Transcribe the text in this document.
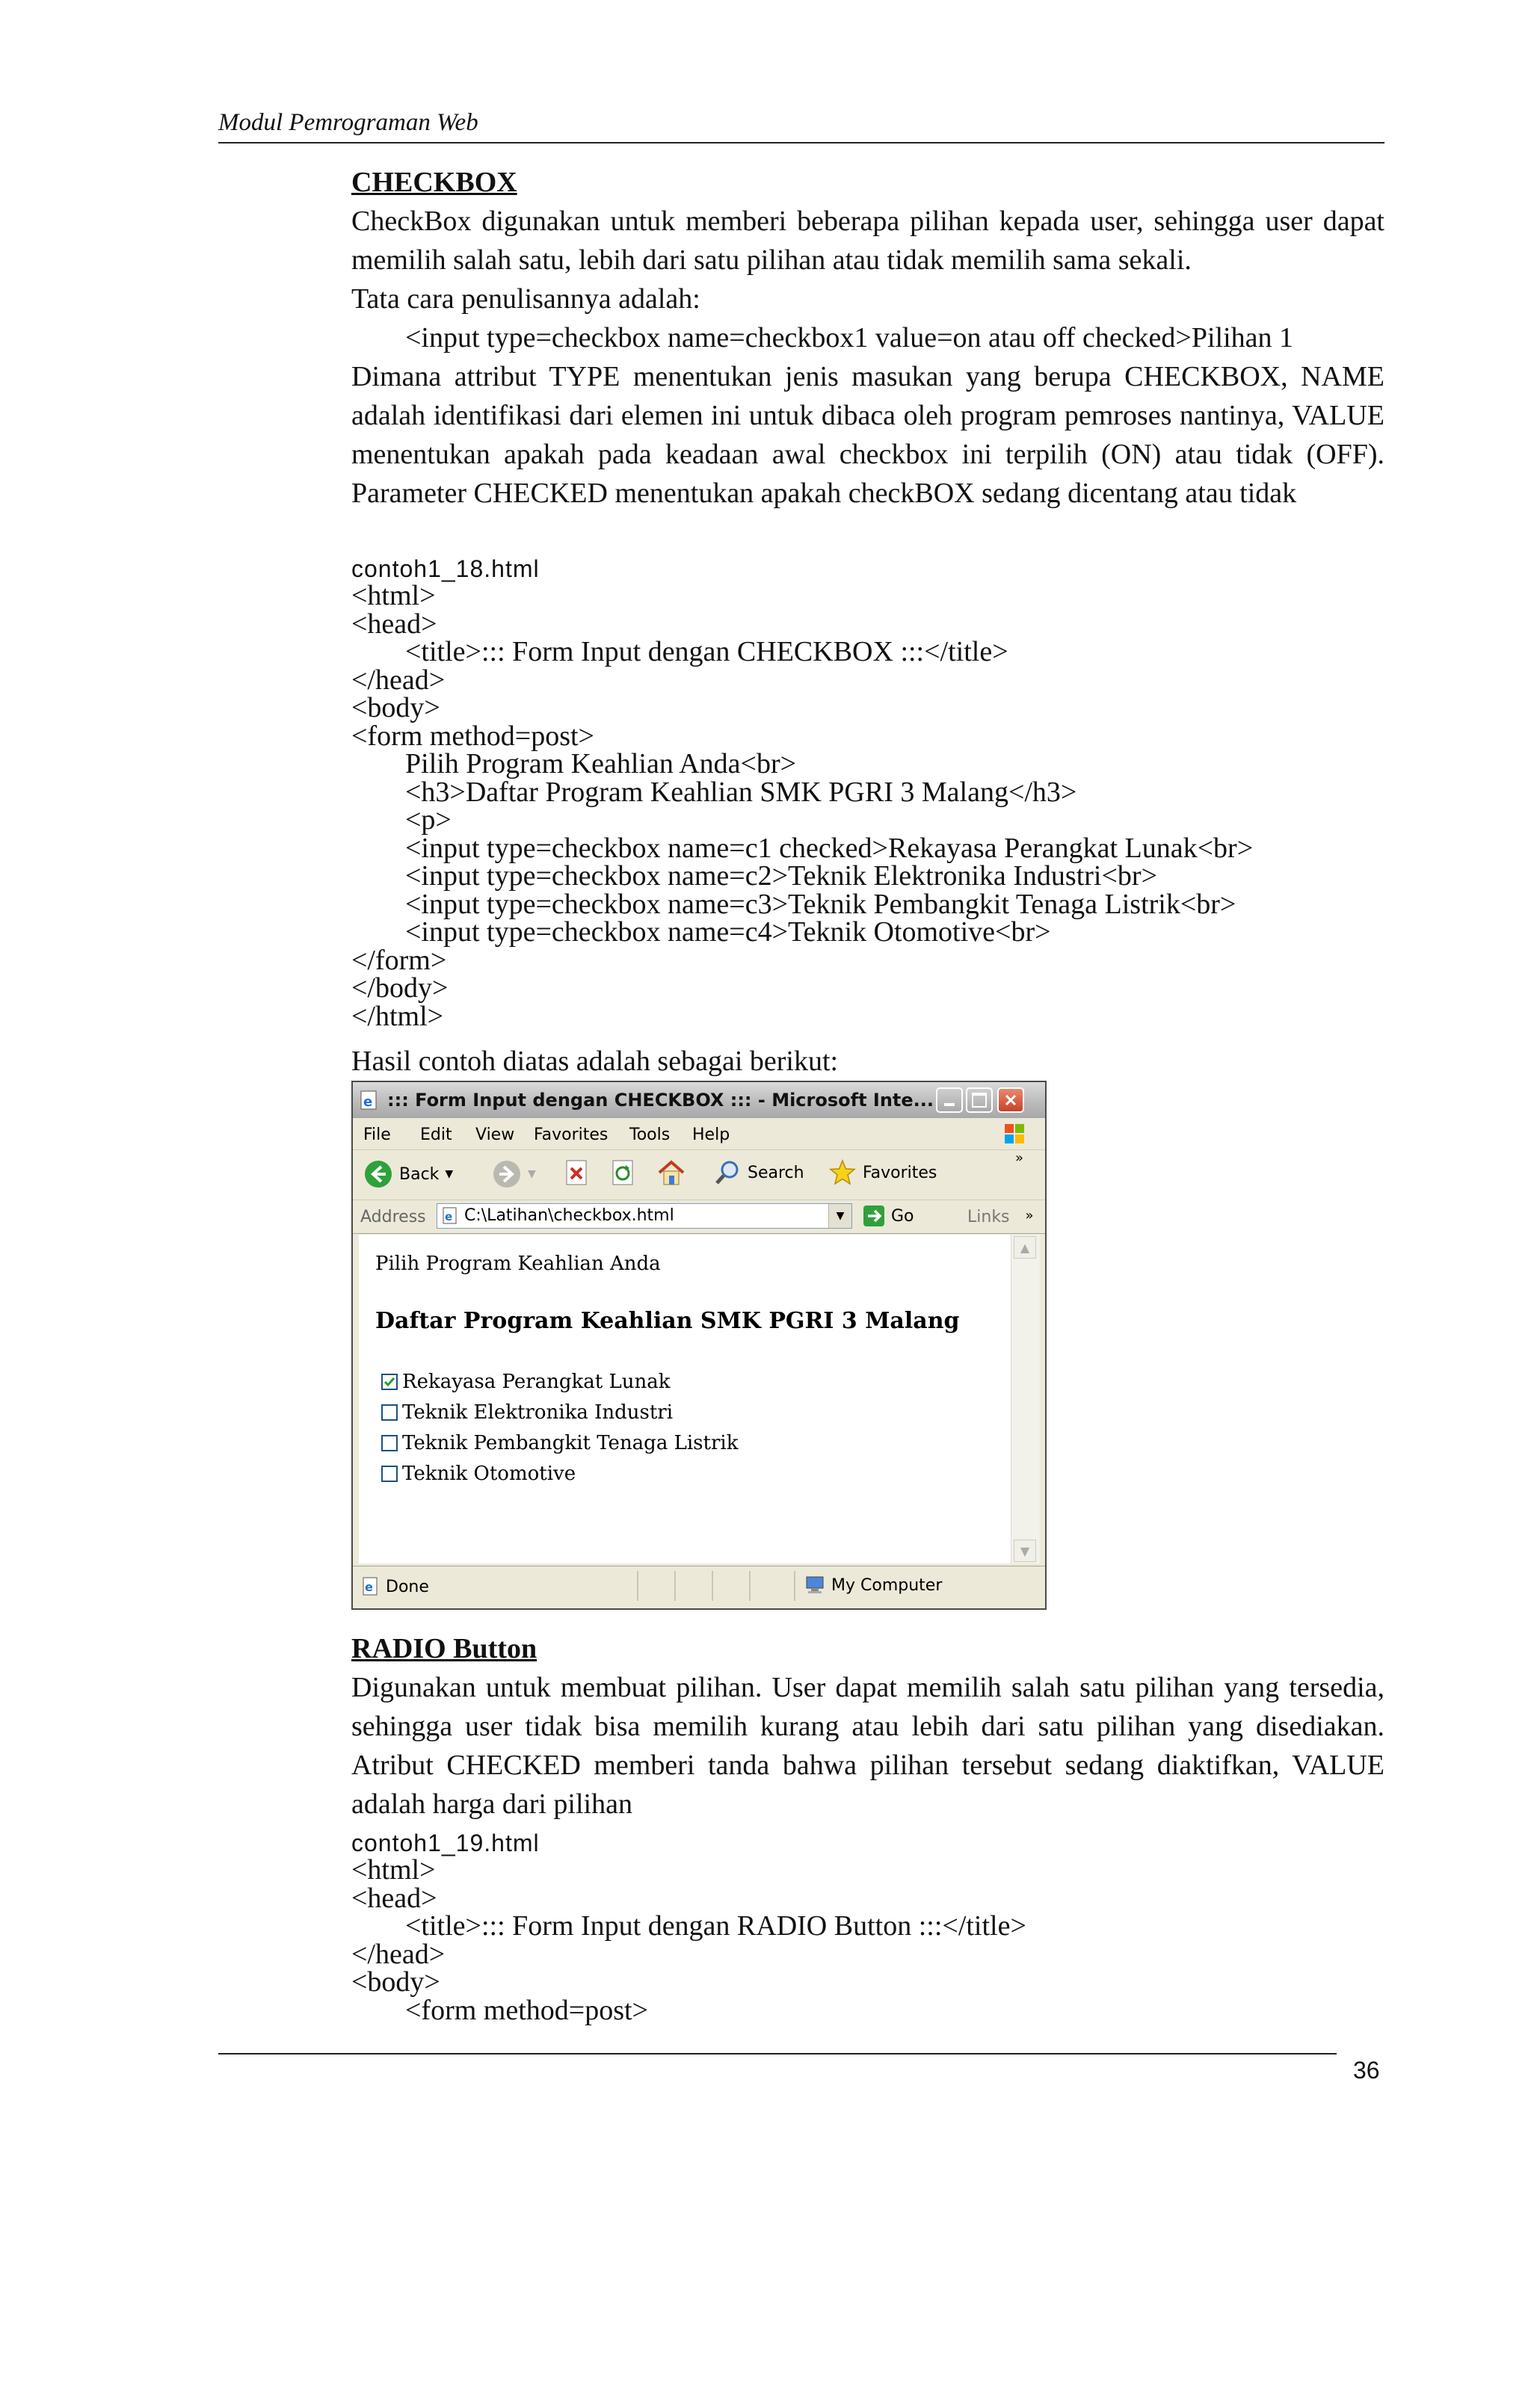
Modul Pemrograman Web
CHECKBOX
CheckBox digunakan untuk memberi beberapa pilihan kepada user, sehingga user dapat memilih salah satu, lebih dari satu pilihan atau tidak memilih sama sekali.
Tata cara penulisannya adalah:
<input type=checkbox name=checkbox1 value=on atau off checked>Pilihan 1
Dimana attribut TYPE menentukan jenis masukan yang berupa CHECKBOX, NAME adalah identifikasi dari elemen ini untuk dibaca oleh program pemroses nantinya, VALUE menentukan apakah pada keadaan awal checkbox ini terpilih (ON) atau tidak (OFF). Parameter CHECKED menentukan apakah checkBOX sedang dicentang atau tidak
contoh1_18.html
<html>
<head>
<title>::: Form Input dengan CHECKBOX :::</title>
</head>
<body>
<form method=post>
Pilih Program Keahlian Anda<br>
<h3>Daftar Program Keahlian SMK PGRI 3 Malang</h3>
<p>
<input type=checkbox name=c1 checked>Rekayasa Perangkat Lunak<br>
<input type=checkbox name=c2>Teknik Elektronika Industri<br>
<input type=checkbox name=c3>Teknik Pembangkit Tenaga Listrik<br>
<input type=checkbox name=c4>Teknik Otomotive<br>
</form>
</body>
</html>
Hasil contoh diatas adalah sebagai berikut:
e ::: Form Input dengan CHECKBOX ::: - Microsoft Inte...
File Edit View Favorites Tools Help
Back ▼	▼	Search	Favorites
»
Address e C:\Latihan\checkbox.html	▼	Go	Links »
Pilih Program Keahlian Anda
Daftar Program Keahlian SMK PGRI 3 Malang
Rekayasa Perangkat Lunak
Teknik Elektronika Industri
Teknik Pembangkit Tenaga Listrik
Teknik Otomotive
▲
▼
e Done	My Computer
RADIO Button
Digunakan untuk membuat pilihan. User dapat memilih salah satu pilihan yang tersedia, sehingga user tidak bisa memilih kurang atau lebih dari satu pilihan yang disediakan. Atribut CHECKED memberi tanda bahwa pilihan tersebut sedang diaktifkan, VALUE adalah harga dari pilihan
contoh1_19.html
<html>
<head>
<title>::: Form Input dengan RADIO Button :::</title>
</head>
<body>
<form method=post>
36
